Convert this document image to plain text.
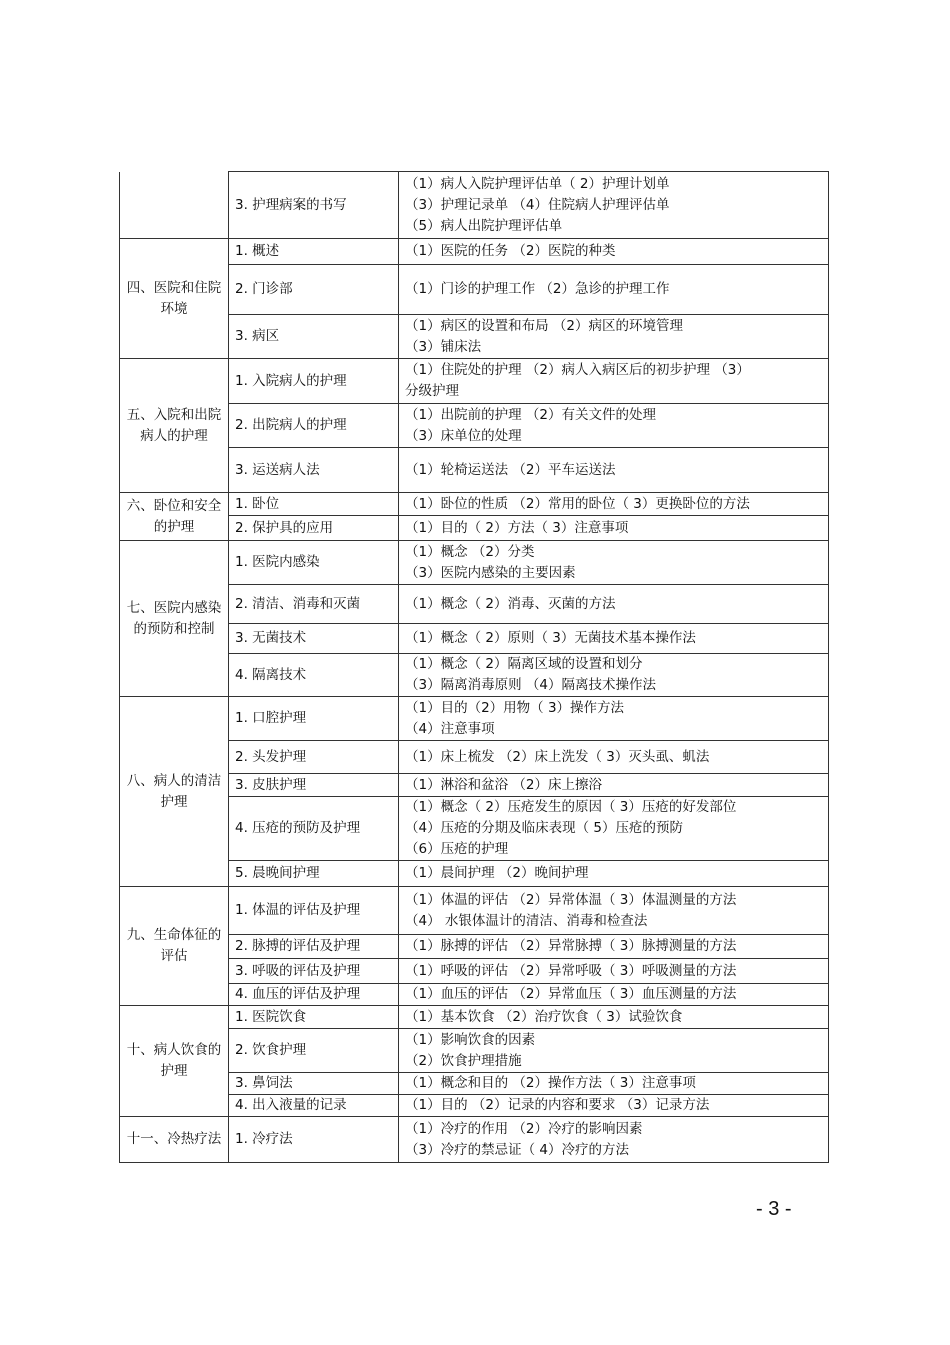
	3. 护理病案的书写	（1）病人入院护理评估单（ 2）护理计划单
（3）护理记录单 （4）住院病人护理评估单
（5）病人出院护理评估单

四、医院和住院环境	1. 概述	（1）医院的任务 （2）医院的种类

	2. 门诊部	（1）门诊的护理工作 （2）急诊的护理工作

	3. 病区	（1）病区的设置和布局 （2）病区的环境管理
（3）铺床法

五、入院和出院病人的护理	1. 入院病人的护理	（1）住院处的护理 （2）病人入病区后的初步护理 （3）
分级护理

	2. 出院病人的护理	（1）出院前的护理 （2）有关文件的处理
（3）床单位的处理

	3. 运送病人法	（1）轮椅运送法 （2）平车运送法

六、卧位和安全的护理	1. 卧位	（1）卧位的性质 （2）常用的卧位（ 3）更换卧位的方法

	2. 保护具的应用	（1）目的（ 2）方法（ 3）注意事项

七、医院内感染的预防和控制	1. 医院内感染	（1）概念 （2）分类
（3）医院内感染的主要因素

	2. 清洁、消毒和灭菌	（1）概念（ 2）消毒、灭菌的方法

	3. 无菌技术	（1）概念（ 2）原则（ 3）无菌技术基本操作法

	4. 隔离技术	（1）概念（ 2）隔离区域的设置和划分
（3）隔离消毒原则 （4）隔离技术操作法

八、病人的清洁护理	1. 口腔护理	（1）目的（2）用物（ 3）操作方法
（4）注意事项

	2. 头发护理	（1）床上梳发 （2）床上洗发（ 3）灭头虱、虮法

	3. 皮肤护理	（1）淋浴和盆浴 （2）床上擦浴

	4. 压疮的预防及护理	（1）概念（ 2）压疮发生的原因（ 3）压疮的好发部位
（4）压疮的分期及临床表现（ 5）压疮的预防
（6）压疮的护理

	5. 晨晚间护理	（1）晨间护理 （2）晚间护理

九、生命体征的评估	1. 体温的评估及护理	（1）体温的评估 （2）异常体温（ 3）体温测量的方法
（4） 水银体温计的清洁、消毒和检查法

	2. 脉搏的评估及护理	（1）脉搏的评估 （2）异常脉搏（ 3）脉搏测量的方法

	3. 呼吸的评估及护理	（1）呼吸的评估 （2）异常呼吸（ 3）呼吸测量的方法

	4. 血压的评估及护理	（1）血压的评估 （2）异常血压（ 3）血压测量的方法

十、病人饮食的护理	1. 医院饮食	（1）基本饮食 （2）治疗饮食（ 3）试验饮食

	2. 饮食护理	（1）影响饮食的因素
（2）饮食护理措施

	3. 鼻饲法	（1）概念和目的 （2）操作方法（ 3）注意事项

	4. 出入液量的记录	（1）目的 （2）记录的内容和要求 （3）记录方法

十一、冷热疗法	1. 冷疗法	（1）冷疗的作用 （2）冷疗的影响因素
（3）冷疗的禁忌证（ 4）冷疗的方法
- 3 -
